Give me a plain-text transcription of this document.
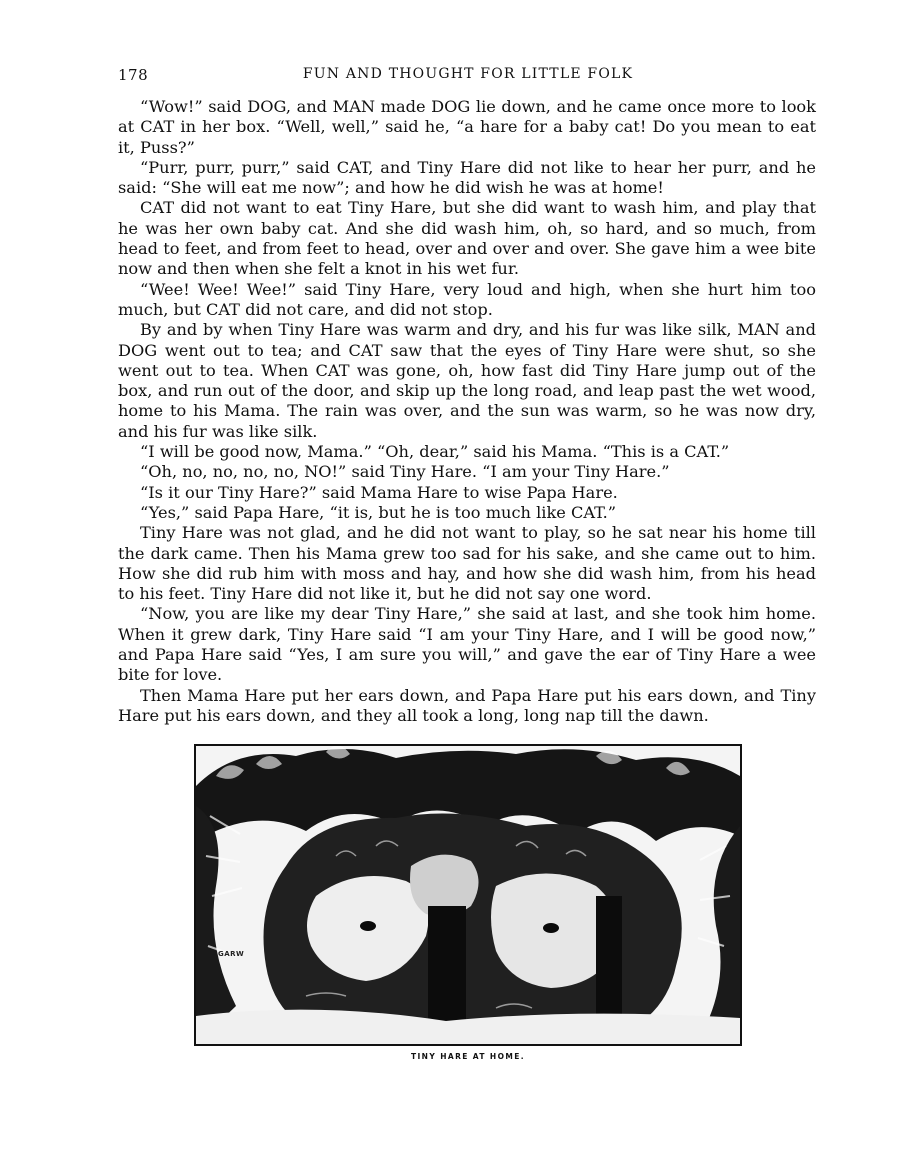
178	FUN AND THOUGHT FOR LITTLE FOLK

“Wow!” said DOG, and MAN made DOG lie down, and he came once more to look at CAT in her box. “Well, well,” said he, “a hare for a baby cat! Do you mean to eat it, Puss?”

“Purr, purr, purr,” said CAT, and Tiny Hare did not like to hear her purr, and he said: “She will eat me now”; and how he did wish he was at home!

CAT did not want to eat Tiny Hare, but she did want to wash him, and play that he was her own baby cat. And she did wash him, oh, so hard, and so much, from head to feet, and from feet to head, over and over and over. She gave him a wee bite now and then when she felt a knot in his wet fur.

“Wee! Wee! Wee!” said Tiny Hare, very loud and high, when she hurt him too much, but CAT did not care, and did not stop.

By and by when Tiny Hare was warm and dry, and his fur was like silk, MAN and DOG went out to tea; and CAT saw that the eyes of Tiny Hare were shut, so she went out to tea. When CAT was gone, oh, how fast did Tiny Hare jump out of the box, and run out of the door, and skip up the long road, and leap past the wet wood, home to his Mama. The rain was over, and the sun was warm, so he was now dry, and his fur was like silk.

“I will be good now, Mama.” “Oh, dear,” said his Mama. “This is a CAT.”

“Oh, no, no, no, no, NO!” said Tiny Hare. “I am your Tiny Hare.”

“Is it our Tiny Hare?” said Mama Hare to wise Papa Hare.

“Yes,” said Papa Hare, “it is, but he is too much like CAT.”

Tiny Hare was not glad, and he did not want to play, so he sat near his home till the dark came. Then his Mama grew too sad for his sake, and she came out to him. How she did rub him with moss and hay, and how she did wash him, from his head to his feet. Tiny Hare did not like it, but he did not say one word.

“Now, you are like my dear Tiny Hare,” she said at last, and she took him home. When it grew dark, Tiny Hare said “I am your Tiny Hare, and I will be good now,” and Papa Hare said “Yes, I am sure you will,” and gave the ear of Tiny Hare a wee bite for love.

Then Mama Hare put her ears down, and Papa Hare put his ears down, and Tiny Hare put his ears down, and they all took a long, long nap till the dawn.

GARW
TINY HARE AT HOME.
